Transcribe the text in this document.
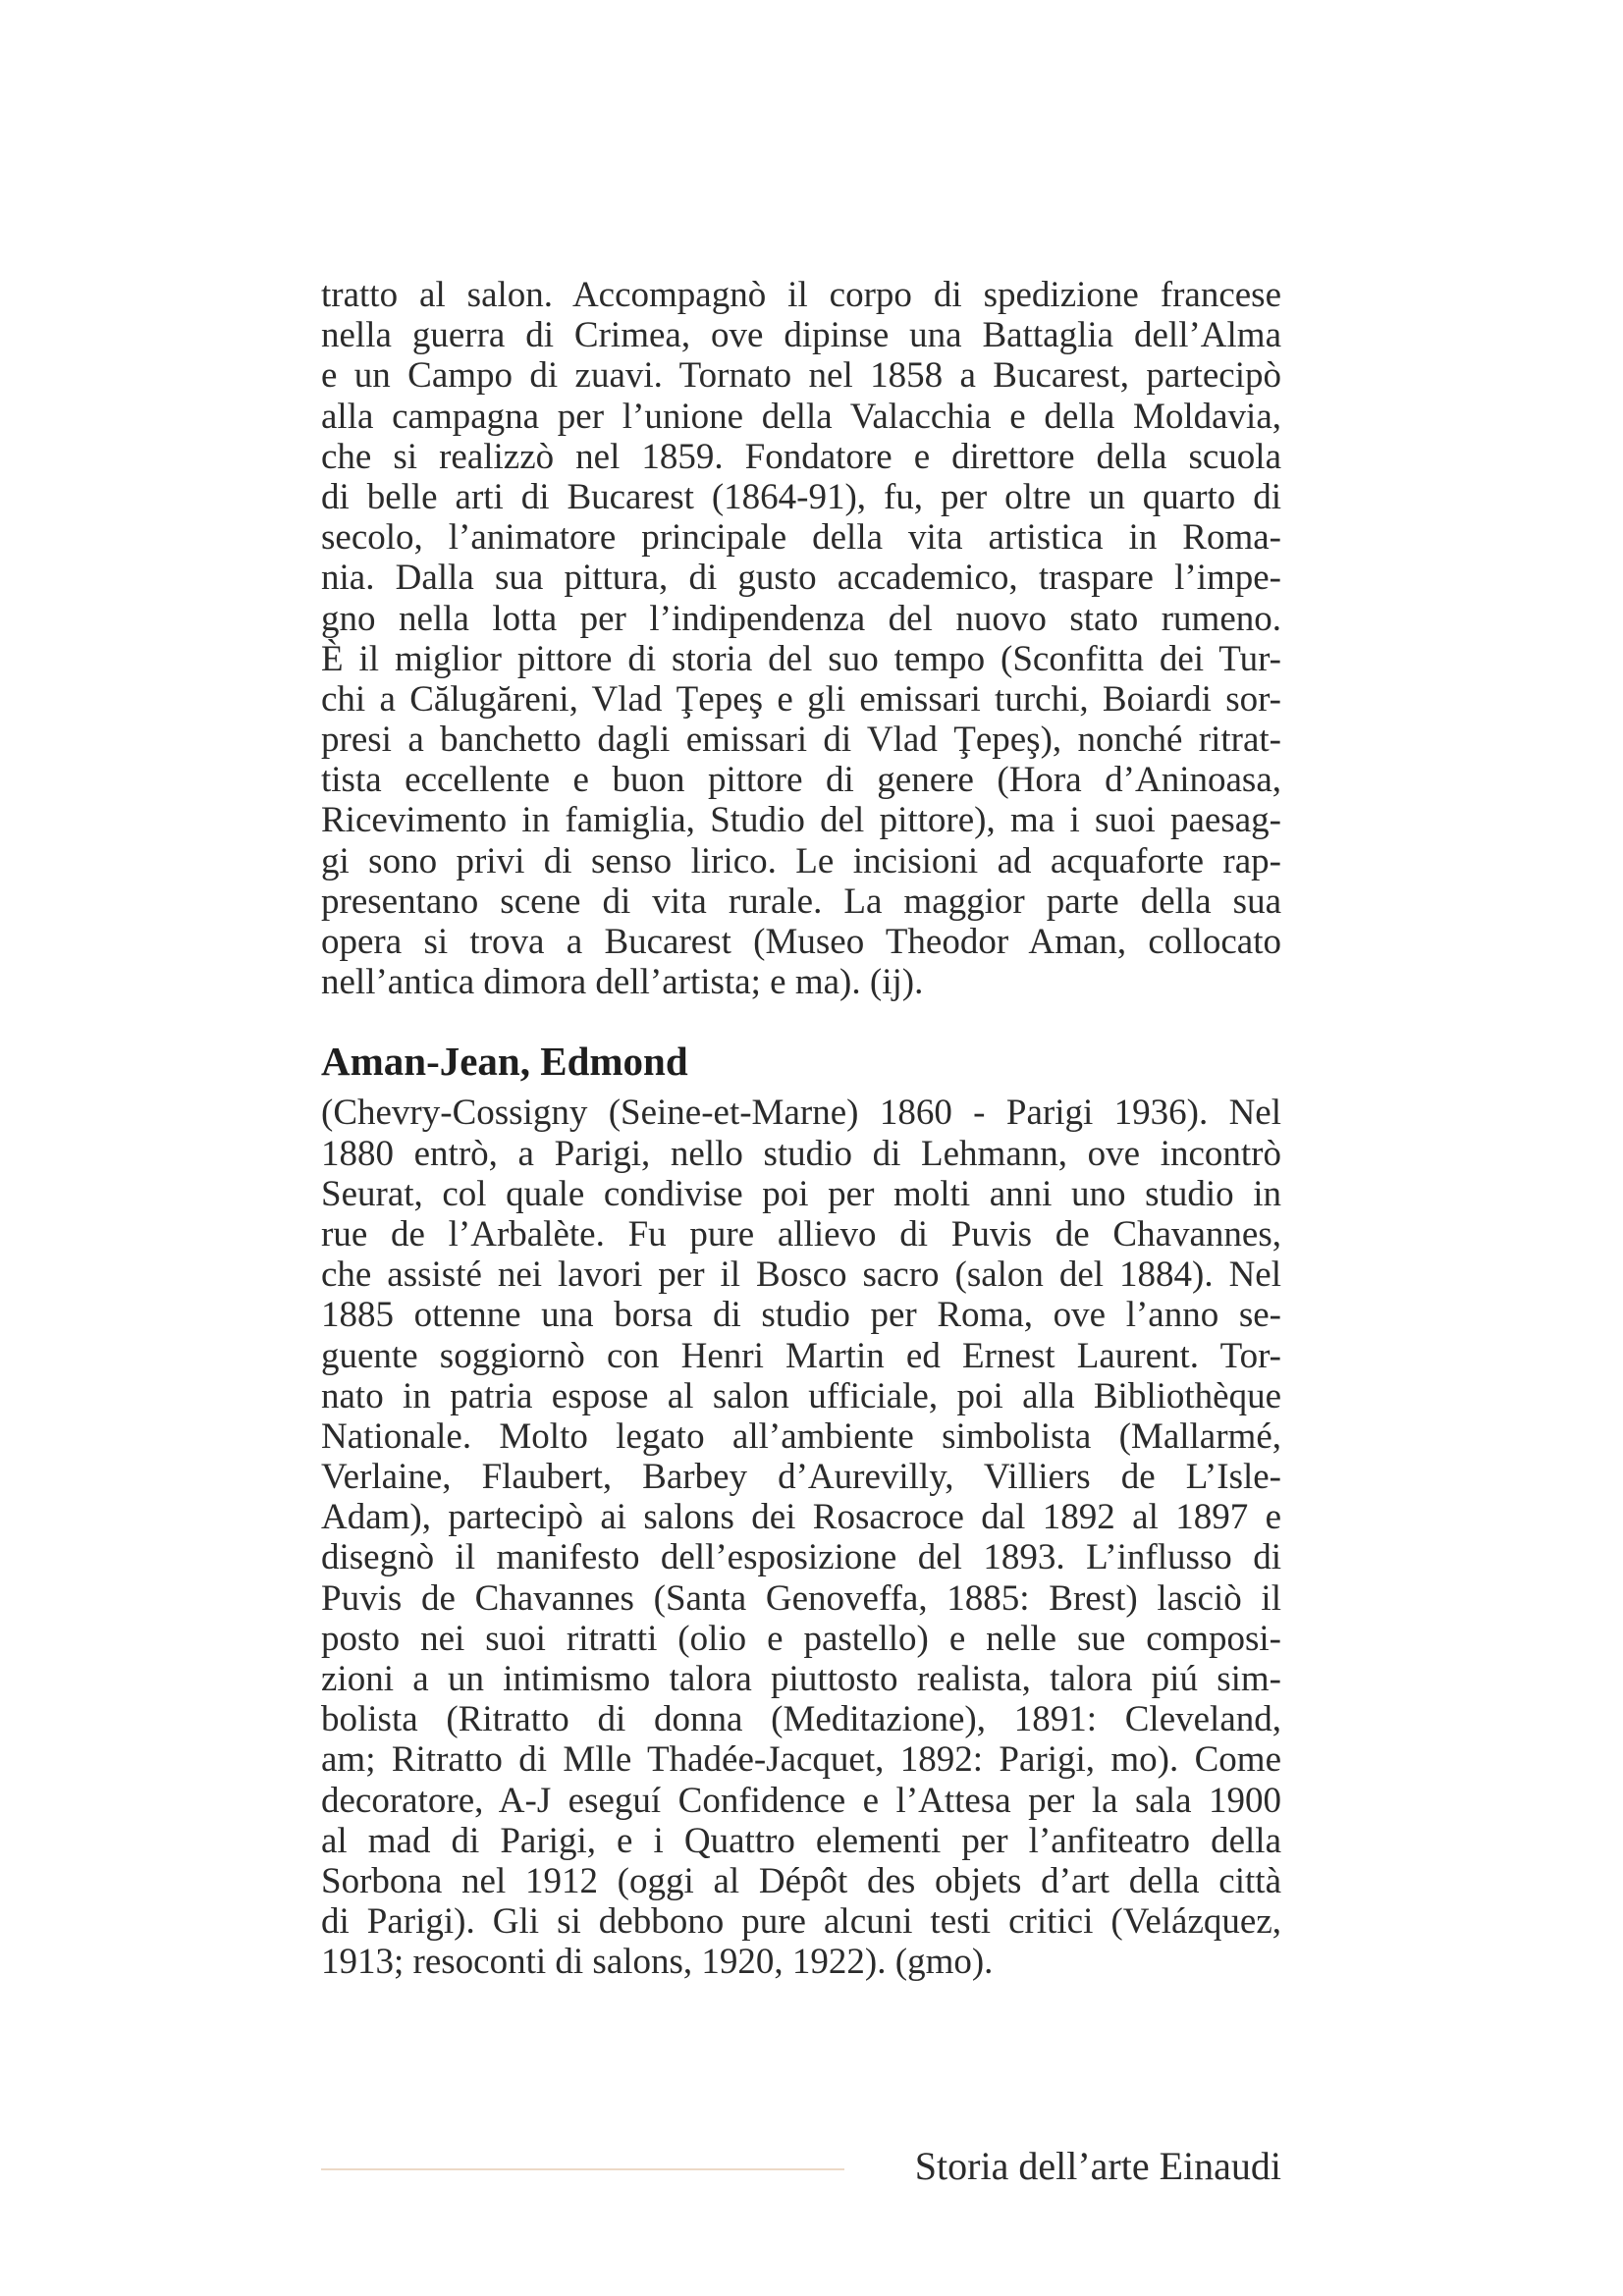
tratto al salon. Accompagnò il corpo di spedizione francese
nella guerra di Crimea, ove dipinse una Battaglia dell’Alma
e un Campo di zuavi. Tornato nel 1858 a Bucarest, partecipò
alla campagna per l’unione della Valacchia e della Moldavia,
che si realizzò nel 1859. Fondatore e direttore della scuola
di belle arti di Bucarest (1864-91), fu, per oltre un quarto di
secolo, l’animatore principale della vita artistica in Roma-
nia. Dalla sua pittura, di gusto accademico, traspare l’impe-
gno nella lotta per l’indipendenza del nuovo stato rumeno.
È il miglior pittore di storia del suo tempo (Sconfitta dei Tur-
chi a Călugăreni, Vlad Ţepeş e gli emissari turchi, Boiardi sor-
presi a banchetto dagli emissari di Vlad Ţepeş), nonché ritrat-
tista eccellente e buon pittore di genere (Hora d’Aninoasa,
Ricevimento in famiglia, Studio del pittore), ma i suoi paesag-
gi sono privi di senso lirico. Le incisioni ad acquaforte rap-
presentano scene di vita rurale. La maggior parte della sua
opera si trova a Bucarest (Museo Theodor Aman, collocato
nell’antica dimora dell’artista; e ma). (ij).

Aman-Jean, Edmond

(Chevry-Cossigny (Seine-et-Marne) 1860 - Parigi 1936). Nel
1880 entrò, a Parigi, nello studio di Lehmann, ove incontrò
Seurat, col quale condivise poi per molti anni uno studio in
rue de l’Arbalète. Fu pure allievo di Puvis de Chavannes,
che assisté nei lavori per il Bosco sacro (salon del 1884). Nel
1885 ottenne una borsa di studio per Roma, ove l’anno se-
guente soggiornò con Henri Martin ed Ernest Laurent. Tor-
nato in patria espose al salon ufficiale, poi alla Bibliothèque
Nationale. Molto legato all’ambiente simbolista (Mallarmé,
Verlaine, Flaubert, Barbey d’Aurevilly, Villiers de L’Isle-
Adam), partecipò ai salons dei Rosacroce dal 1892 al 1897 e
disegnò il manifesto dell’esposizione del 1893. L’influsso di
Puvis de Chavannes (Santa Genoveffa, 1885: Brest) lasciò il
posto nei suoi ritratti (olio e pastello) e nelle sue composi-
zioni a un intimismo talora piuttosto realista, talora piú sim-
bolista (Ritratto di donna (Meditazione), 1891: Cleveland,
am; Ritratto di Mlle Thadée-Jacquet, 1892: Parigi, mo). Come
decoratore, A-J eseguí Confidence e l’Attesa per la sala 1900
al mad di Parigi, e i Quattro elementi per l’anfiteatro della
Sorbona nel 1912 (oggi al Dépôt des objets d’art della città
di Parigi). Gli si debbono pure alcuni testi critici (Velázquez,
1913; resoconti di salons, 1920, 1922). (gmo).

Storia dell’arte Einaudi
